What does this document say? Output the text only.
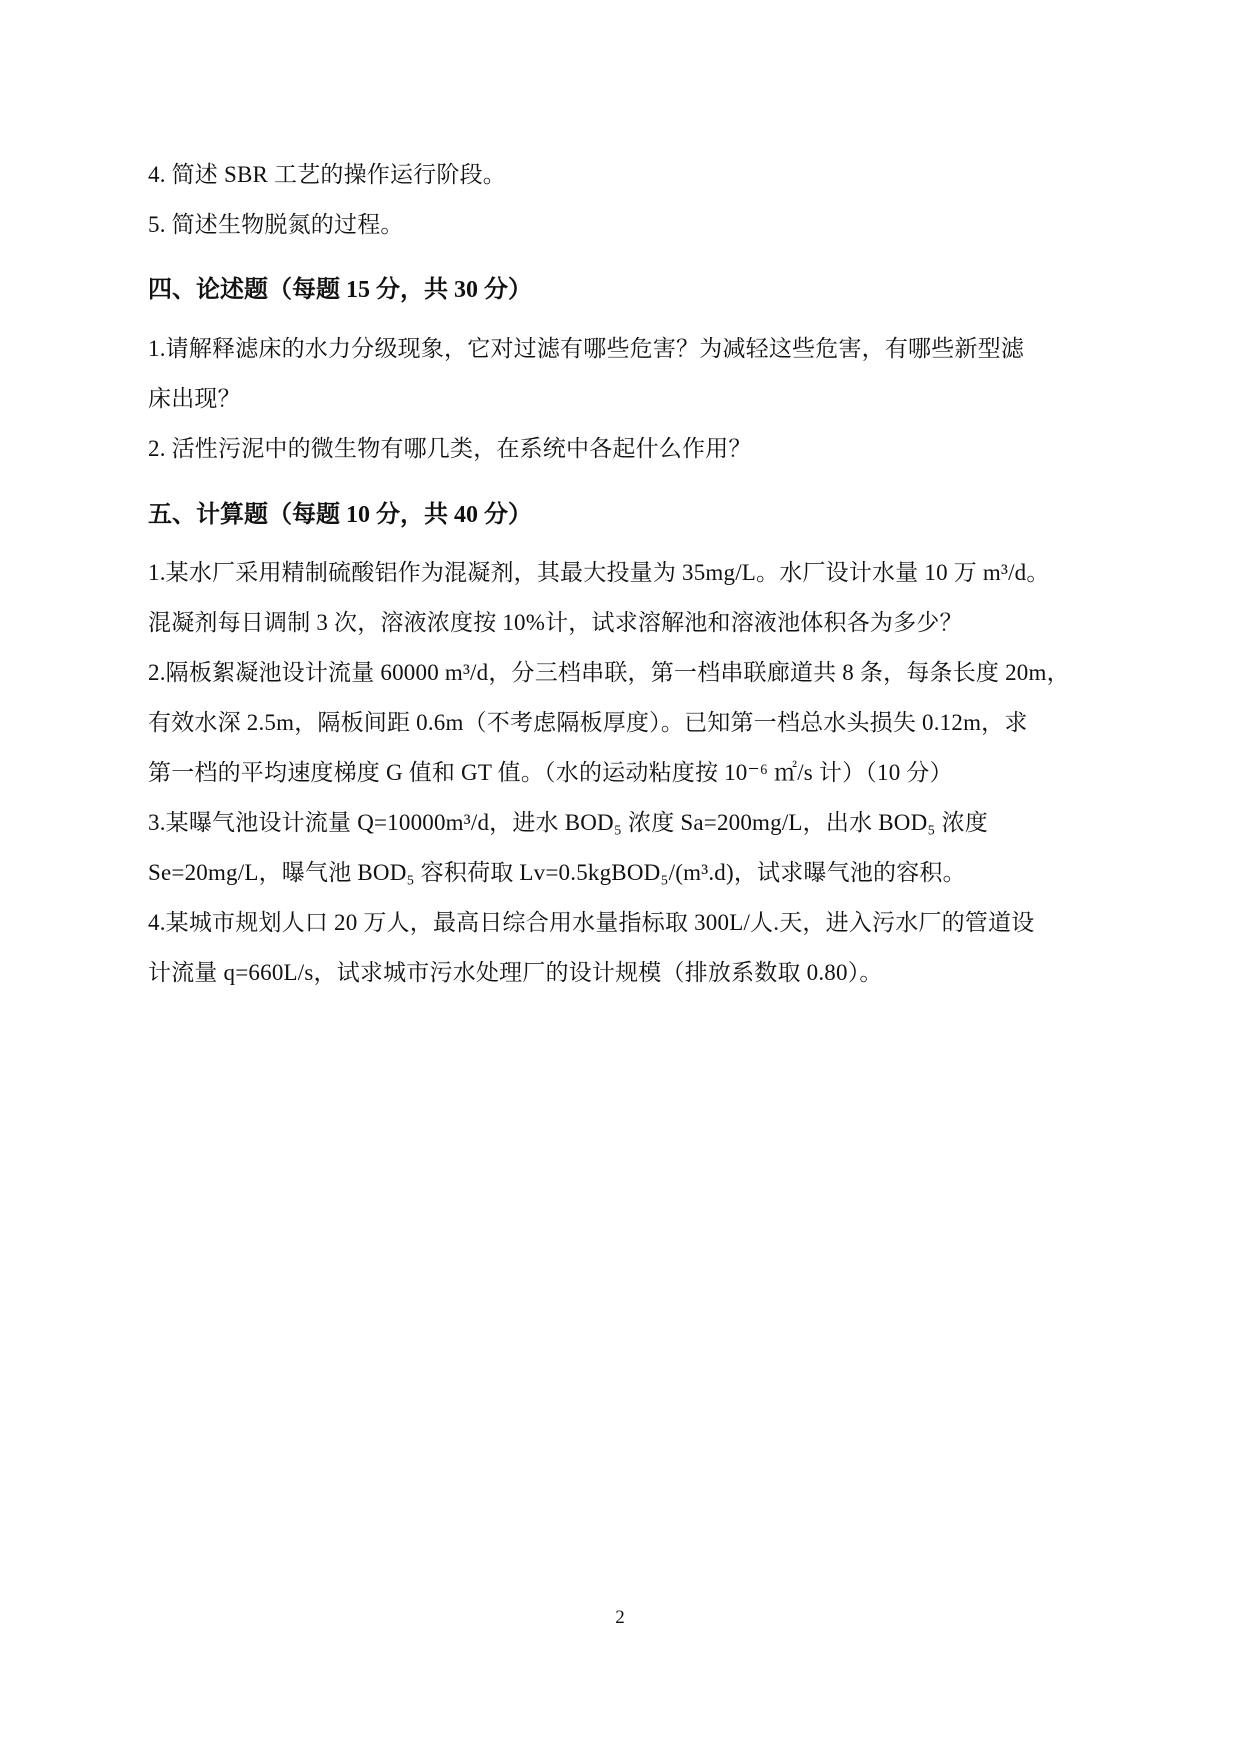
4. 简述 SBR 工艺的操作运行阶段。
5. 简述生物脱氮的过程。
四、论述题（每题 15 分，共 30 分）
1.请解释滤床的水力分级现象，它对过滤有哪些危害？为减轻这些危害，有哪些新型滤
床出现？
2. 活性污泥中的微生物有哪几类，在系统中各起什么作用？
五、计算题（每题 10 分，共 40 分）
1.某水厂采用精制硫酸铝作为混凝剂，其最大投量为 35mg/L。水厂设计水量 10 万 m³/d。
混凝剂每日调制 3 次，溶液浓度按 10%计，试求溶解池和溶液池体积各为多少？
2.隔板絮凝池设计流量 60000 m³/d，分三档串联，第一档串联廊道共 8 条，每条长度 20m，
有效水深 2.5m，隔板间距 0.6m（不考虑隔板厚度）。已知第一档总水头损失 0.12m，求
第一档的平均速度梯度 G 值和 GT 值。（水的运动粘度按 10⁻⁶ ㎡/s 计）（10 分）
3.某曝气池设计流量 Q=10000m³/d，进水 BOD₅ 浓度 Sa=200mg/L，出水 BOD₅ 浓度
Se=20mg/L，曝气池 BOD₅ 容积荷取 Lv=0.5kgBOD₅/(m³.d)，试求曝气池的容积。
4.某城市规划人口 20 万人，最高日综合用水量指标取 300L/人.天，进入污水厂的管道设
计流量 q=660L/s，试求城市污水处理厂的设计规模（排放系数取 0.80）。
2
